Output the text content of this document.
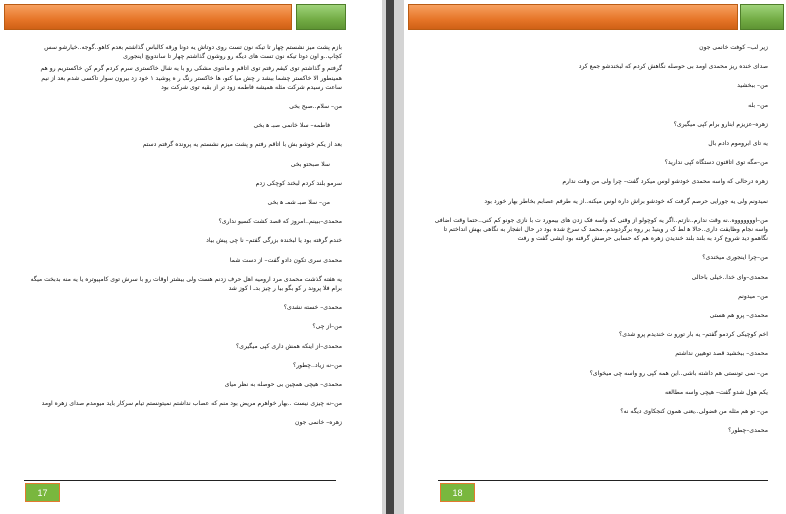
بازم پشت میز نشستم چهار تا تیکه نون تست روی دوتاش یه دونا ورقه کالباس گذاشتم بعدم کاهو..گوجه..خیارشو سس کچاپ..و اون دوتا تیکه نون تست های دیگه رو روشون گذاشتم چهار تا ساندویچ اینجوری

گرفتم و گذاشتم توی کیفم رفتم توی اتاقم و مانتوی مشکی رو با یه شال خاکستری سرم کردم گرم کن خاکستریم رو هم همینطور الا خاکستر چشما ببشد ر چش میا کتو، ها خاکستر رنگ ر ه پوشید ۱ خود زد بیرون سوار تاکسی شدم بعد از نیم ساعت رسیدم شرکت مثله همیشه فاطمه زود تر از بقیه توی شرکت بود

من– سلام..صبح بخی

فاطمه– سلا خانمی صبـ ﻫ بخی

بعد از یکم خوشو بش با اتاقم رفتم و پشت میزم نشستم یه پرونده گرفتم دستم

سلا صبحتو بخی

سرمو بلند کردم لبخند کوچکی زدم

من– سلا صبـ شمـ ﻫ بخی

محمدی–ببینم..امروز که قصد کشت کسیو نداری؟

خندم گرفته بود یا لبخنده بزرگی گفتم– نا چی پیش بیاد

محمدی سری تکون دادو گفت– از دست شما

یه هفته گذشت محمدی مرد اروميه اهل حرف زدنم هست ولی بیشتر اوقات رو با سرش توی کامپیوتره یا یه منه بدبخت میگه برام فلا پروند ر کو بگو بیا ر چیز بدـ ا کوز شد

محمدی– خسته نشدی؟

من–از چی؟

محمدی–از اینکه همش داری کپی میگیری؟

من–نه زیاد..چطور؟

محمدی– هیچی همچین بی حوصله به نظر میای

من–نه چیزی نیست ..بهار خواهرم مریض بود منم که عصاب نداشتم نمیتونستم تیام سرکار باید میومدم صدای زهره اومد

زهره– خانمی جون

17

زیر لب– کوفت خانمی جون

صدای خنده ریز محمدی اومد بی حوصله نگاهش کردم که لبخندشو جمع کرد

من– ببخشید

من– بله

زهره–عزیزم ابنارو برام کپی میگیری؟

یه تای ابروموم دادم بال

من–مگه توی اتاقتون دستگاه کپی ندارید؟

زهره درحالی که واسه محمدی خودشو لوس میکرد گفت– چرا ولی من وقت ندارم

نمیدونم ولی یه جورایی حرصم گرفت که خودشو براش داره لوس میکنه..از یه طرفم عصابم بخاطر بهار خورد بود

من–اوووووووه..نه وقت ندارم..نازتم..اگر یه کوچولو از وقتی که واسه فک زدن های بیمورد ت با نازی جونو کم کنی..حتما وقت اضافی واسه نجام وظایفت داری..حالا ﻫ لط ک ر وینیڈ بر روه برگردوندم..محمد ک سرخ شده بود در حال انفجار به نگاهی بهش انداختم تا نگاهمو دید شروع کرد به بلند بلند خندیدن زهره هم که حسابی حرصش گرفته بود ایشی گفت و رفت

من–چرا اینجوری میخندی؟

محمدی–وای خدا..خیلی باحالی

من– میدونم

محمدی– پرو هم هستی

اخم کوچیکی کردمو گفتم– یه بار تورو ت خندیدم پرو شدی؟

محمدی– ببخشید قصد توهیین نداشتم

من– نمی تونستی هم داشته باشی..این همه کپی رو واسه چی میخوای؟

یکم هول شدو گفت– هیچی واسه مطالعه

من– تو هم مثله من فضولی..یعنی همون کنجکاوی دیگه نه؟

محمدی–چطور؟

18
